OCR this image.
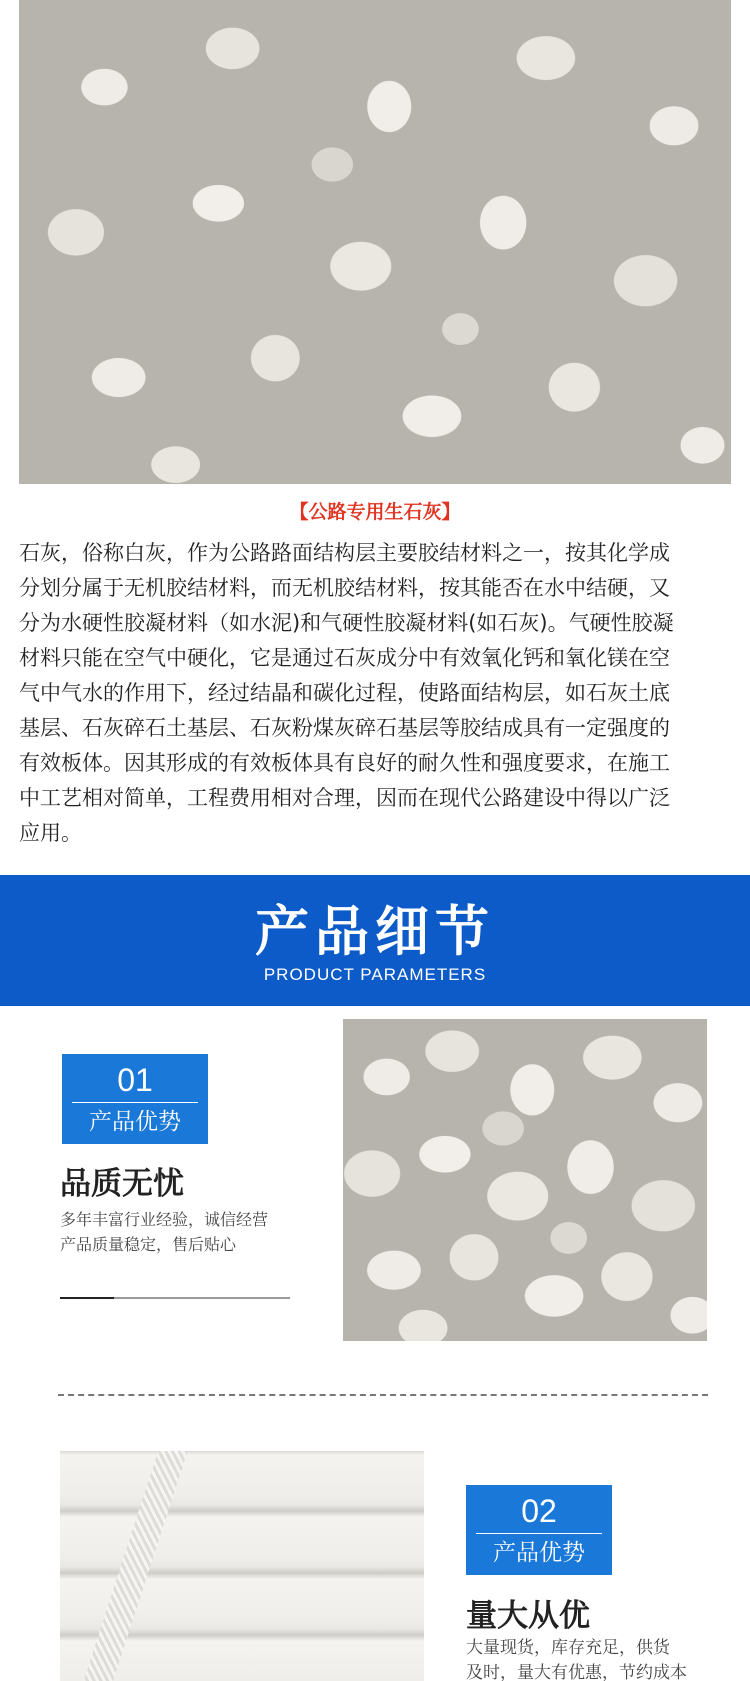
【公路专用生石灰】
石灰，俗称白灰，作为公路路面结构层主要胶结材料之一，按其化学成
分划分属于无机胶结材料，而无机胶结材料，按其能否在水中结硬，又
分为水硬性胶凝材料（如水泥)和气硬性胶凝材料(如石灰)。气硬性胶凝
材料只能在空气中硬化，它是通过石灰成分中有效氧化钙和氧化镁在空
气中气水的作用下，经过结晶和碳化过程，使路面结构层，如石灰土底
基层、石灰碎石土基层、石灰粉煤灰碎石基层等胶结成具有一定强度的
有效板体。因其形成的有效板体具有良好的耐久性和强度要求，在施工
中工艺相对简单，工程费用相对合理，因而在现代公路建设中得以广泛
应用。
产品细节
PRODUCT PARAMETERS
01
产品优势
品质无忧
多年丰富行业经验，诚信经营
产品质量稳定，售后贴心
02
产品优势
量大从优
大量现货，库存充足，供货
及时，量大有优惠，节约成本
